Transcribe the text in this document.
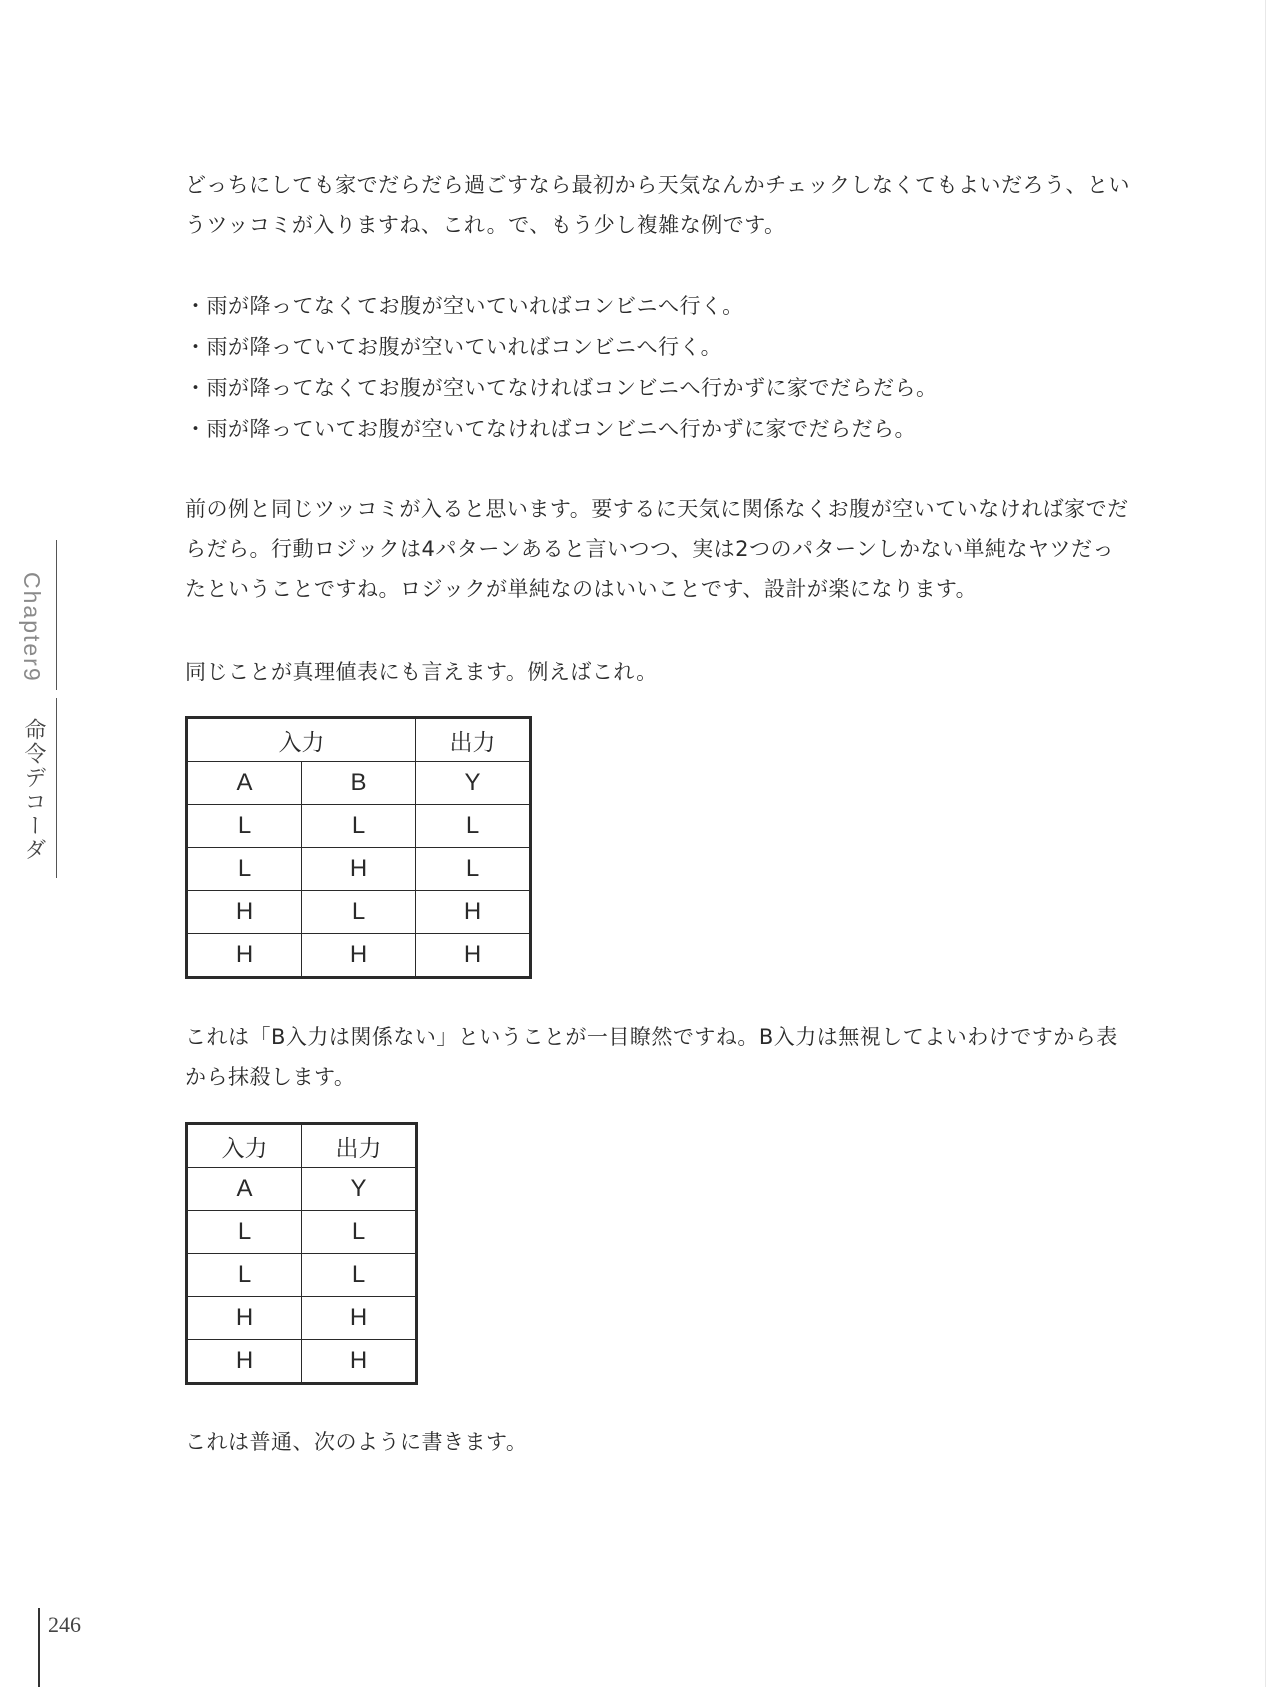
Chapter9
命令デコーダ

どっちにしても家でだらだら過ごすなら最初から天気なんかチェックしなくてもよいだろう、というツッコミが入りますね、これ。で、もう少し複雑な例です。

・雨が降ってなくてお腹が空いていればコンビニへ行く。
・雨が降っていてお腹が空いていればコンビニへ行く。
・雨が降ってなくてお腹が空いてなければコンビニへ行かずに家でだらだら。
・雨が降っていてお腹が空いてなければコンビニへ行かずに家でだらだら。

前の例と同じツッコミが入ると思います。要するに天気に関係なくお腹が空いていなければ家でだらだら。行動ロジックは4パターンあると言いつつ、実は2つのパターンしかない単純なヤツだったということですね。ロジックが単純なのはいいことです、設計が楽になります。

同じことが真理値表にも言えます。例えばこれ。

入力		出力
A	B	Y
L	L	L
L	H	L
H	L	H
H	H	H

これは「B入力は関係ない」ということが一目瞭然ですね。B入力は無視してよいわけですから表から抹殺します。

入力	出力
A	Y
L	L
L	L
H	H
H	H

これは普通、次のように書きます。

246
